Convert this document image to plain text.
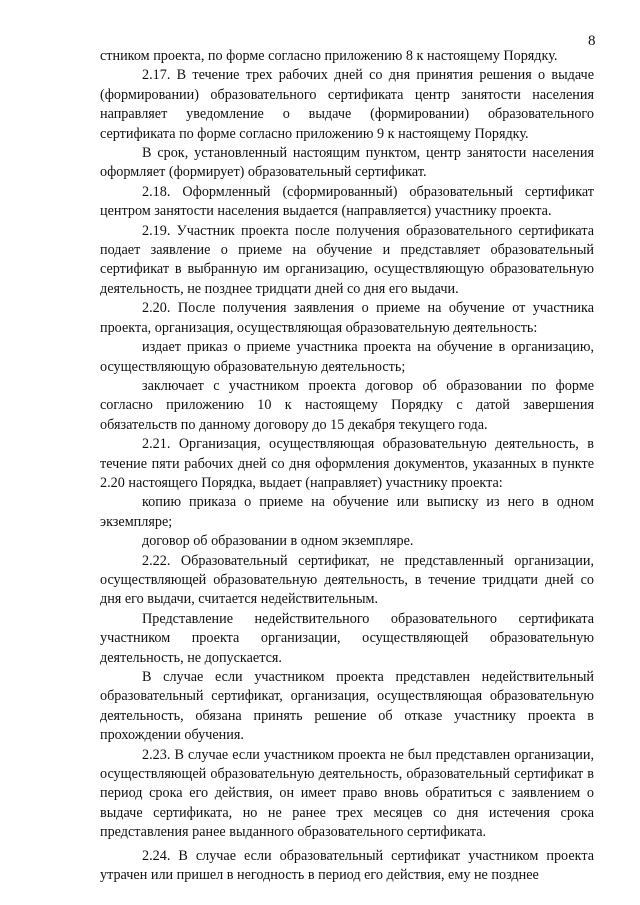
8

стником проекта, по форме согласно приложению 8 к настоящему Порядку.

2.17. В течение трех рабочих дней со дня принятия решения о выдаче (формировании) образовательного сертификата центр занятости населения направляет уведомление о выдаче (формировании) образовательного сертификата по форме согласно приложению 9 к настоящему Порядку.

В срок, установленный настоящим пунктом, центр занятости населения оформляет (формирует) образовательный сертификат.

2.18. Оформленный (сформированный) образовательный сертификат центром занятости населения выдается (направляется) участнику проекта.

2.19. Участник проекта после получения образовательного сертификата подает заявление о приеме на обучение и представляет образовательный сертификат в выбранную им организацию, осуществляющую образовательную деятельность, не позднее тридцати дней со дня его выдачи.

2.20. После получения заявления о приеме на обучение от участника проекта, организация, осуществляющая образовательную деятельность:

издает приказ о приеме участника проекта на обучение в организацию, осуществляющую образовательную деятельность;

заключает с участником проекта договор об образовании по форме согласно приложению 10 к настоящему Порядку с датой завершения обязательств по данному договору до 15 декабря текущего года.

2.21. Организация, осуществляющая образовательную деятельность, в течение пяти рабочих дней со дня оформления документов, указанных в пункте 2.20 настоящего Порядка, выдает (направляет) участнику проекта:

копию приказа о приеме на обучение или выписку из него в одном экземпляре;

договор об образовании в одном экземпляре.

2.22. Образовательный сертификат, не представленный организации, осуществляющей образовательную деятельность, в течение тридцати дней со дня его выдачи, считается недействительным.

Представление недействительного образовательного сертификата участником проекта организации, осуществляющей образовательную деятельность, не допускается.

В случае если участником проекта представлен недействительный образовательный сертификат, организация, осуществляющая образовательную деятельность, обязана принять решение об отказе участнику проекта в прохождении обучения.

2.23. В случае если участником проекта не был представлен организации, осуществляющей образовательную деятельность, образовательный сертификат в период срока его действия, он имеет право вновь обратиться с заявлением о выдаче сертификата, но не ранее трех месяцев со дня истечения срока представления ранее выданного образовательного сертификата.

2.24. В случае если образовательный сертификат участником проекта утрачен или пришел в негодность в период его действия, ему не позднее
